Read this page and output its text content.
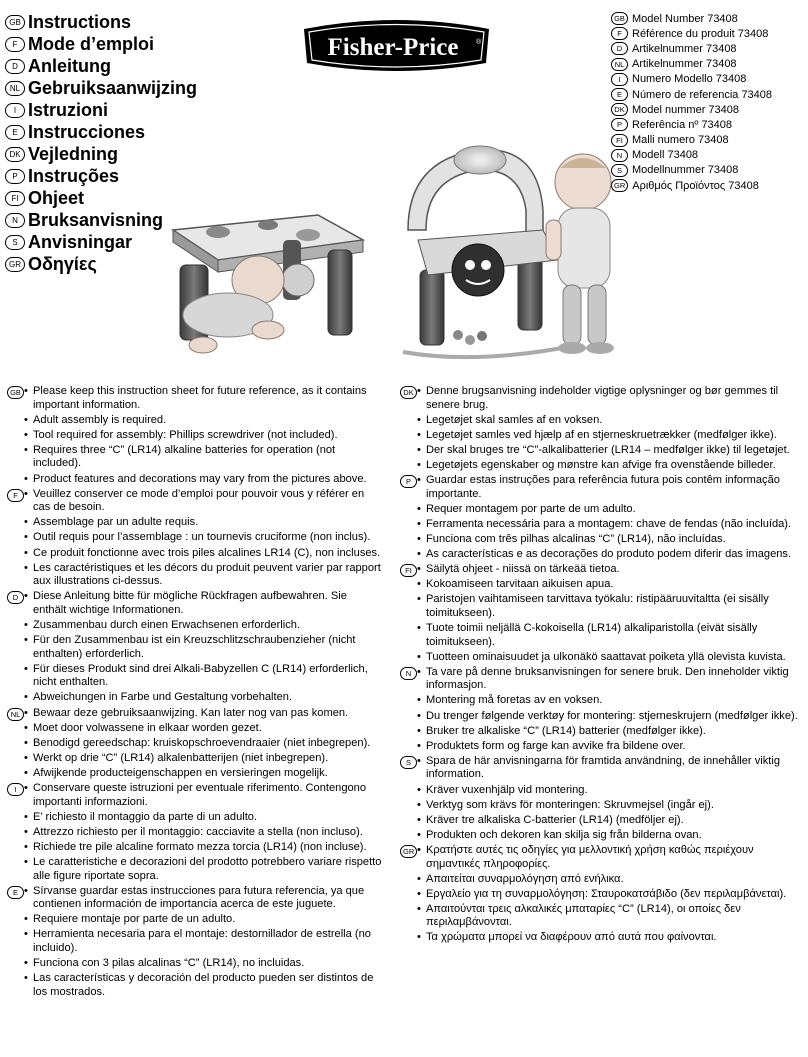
GB Instructions
F Mode d’emploi
D Anleitung
NL Gebruiksaanwijzing
I Istruzioni
E Instrucciones
DK Vejledning
P Instruções
FI Ohjeet
N Bruksanvisning
S Anvisningar
GR Οδηγίες
Fisher-Price	®
GB Model Number 73408
F Référence du produit 73408
D Artikelnummer 73408
NL Artikelnummer 73408
I	Numero Modello 73408
E Número de referencia 73408
DK Model nummer 73408
P Referência nº 73408
FI Malli numero 73408
N Modell 73408
S Modellnummer 73408
GR Αριθμός Προϊόντος 73408
GB	• Please keep this instruction sheet for future reference, as it contains important information.
• Adult assembly is required.
• Tool required for assembly: Phillips screwdriver (not included).
• Requires three “C” (LR14) alkaline batteries for operation (not included).
• Product features and decorations may vary from the pictures above.
F	• Veuillez conserver ce mode d’emploi pour pouvoir vous y référer en cas de besoin.
• Assemblage par un adulte requis.
• Outil requis pour l’assemblage : un tournevis cruciforme (non inclus).
• Ce produit fonctionne avec trois piles alcalines LR14 (C), non incluses.
• Les caractéristiques et les décors du produit peuvent varier par rapport aux illustrations ci-dessus.
D	• Diese Anleitung bitte für mögliche Rückfragen aufbewahren. Sie enthält wichtige Informationen.
• Zusammenbau durch einen Erwachsenen erforderlich.
• Für den Zusammenbau ist ein Kreuzschlitzschraubenzieher (nicht enthalten) erforderlich.
• Für dieses Produkt sind drei Alkali-Babyzellen C (LR14) erforderlich, nicht enthalten.
• Abweichungen in Farbe und Gestaltung vorbehalten.
NL	• Bewaar deze gebruiksaanwijzing. Kan later nog van pas komen.
• Moet door volwassene in elkaar worden gezet.
• Benodigd gereedschap: kruiskopschroevendraaier (niet inbegrepen).
• Werkt op drie “C” (LR14) alkalenbatterijen (niet inbegrepen).
• Afwijkende producteigenschappen en versieringen mogelijk.
I	• Conservare queste istruzioni per eventuale riferimento. Contengono importanti informazioni.
• E’ richiesto il montaggio da parte di un adulto.
• Attrezzo richiesto per il montaggio: cacciavite a stella (non incluso).
• Richiede tre pile alcaline formato mezza torcia (LR14) (non incluse).
• Le caratteristiche e decorazioni del prodotto potrebbero variare rispetto alle figure riportate sopra.
E	• Sírvanse guardar estas instrucciones para futura referencia, ya que contienen información de importancia acerca de este juguete.
• Requiere montaje por parte de un adulto.
• Herramienta necesaria para el montaje: destornillador de estrella (no incluido).
• Funciona con 3 pilas alcalinas “C” (LR14), no incluidas.
• Las características y decoración del producto pueden ser distintos de los mostrados.
DK	• Denne brugsanvisning indeholder vigtige oplysninger og bør gemmes til senere brug.
• Legetøjet skal samles af en voksen.
• Legetøjet samles ved hjælp af en stjerneskruetrækker (medfølger ikke).
• Der skal bruges tre “C”-alkalibatterier (LR14 – medfølger ikke) til legetøjet.
• Legetøjets egenskaber og mønstre kan afvige fra ovenstående billeder.
P	• Guardar estas instruções para referência futura pois contêm informação importante.
• Requer montagem por parte de um adulto.
• Ferramenta necessária para a montagem: chave de fendas (não incluída).
• Funciona com três pilhas alcalinas “C” (LR14), não incluídas.
• As características e as decorações do produto podem diferir das imagens.
FI	• Säilytä ohjeet - niissä on tärkeää tietoa.
• Kokoamiseen tarvitaan aikuisen apua.
• Paristojen vaihtamiseen tarvittava työkalu: ristipääruuvitaltta (ei sisälly toimitukseen).
• Tuote toimii neljällä C-kokoisella (LR14) alkaliparistolla (eivät sisälly toimitukseen).
• Tuotteen ominaisuudet ja ulkonäkö saattavat poiketa yllä olevista kuvista.
N	• Ta vare på denne bruksanvisningen for senere bruk. Den inneholder viktig informasjon.
• Montering må foretas av en voksen.
• Du trenger følgende verktøy for montering: stjerneskrujern (medfølger ikke).
• Bruker tre alkaliske “C” (LR14) batterier (medfølger ikke).
• Produktets form og farge kan avvike fra bildene over.
S	• Spara de här anvisningarna för framtida användning, de innehåller viktig information.
• Kräver vuxenhjälp vid montering.
• Verktyg som krävs för monteringen: Skruvmejsel (ingår ej).
• Kräver tre alkaliska C-batterier (LR14) (medföljer ej).
• Produkten och dekoren kan skilja sig från bilderna ovan.
GR	• Κρατήστε αυτές τις οδηγίες για μελλοντική χρήση καθώς περιέχουν σημαντικές πληροφορίες.
• Απαιτείται συναρμολόγηση από ενήλικα.
• Εργαλείο για τη συναρμολόγηση: Σταυροκατσάβιδο (δεν περιλαμβάνεται).
• Απαιτούνται τρεις αλκαλικές μπαταρίες “C” (LR14), οι οποίες δεν περιλαμβάνονται.
• Τα χρώματα μπορεί να διαφέρουν από αυτά που φαίνονται.
